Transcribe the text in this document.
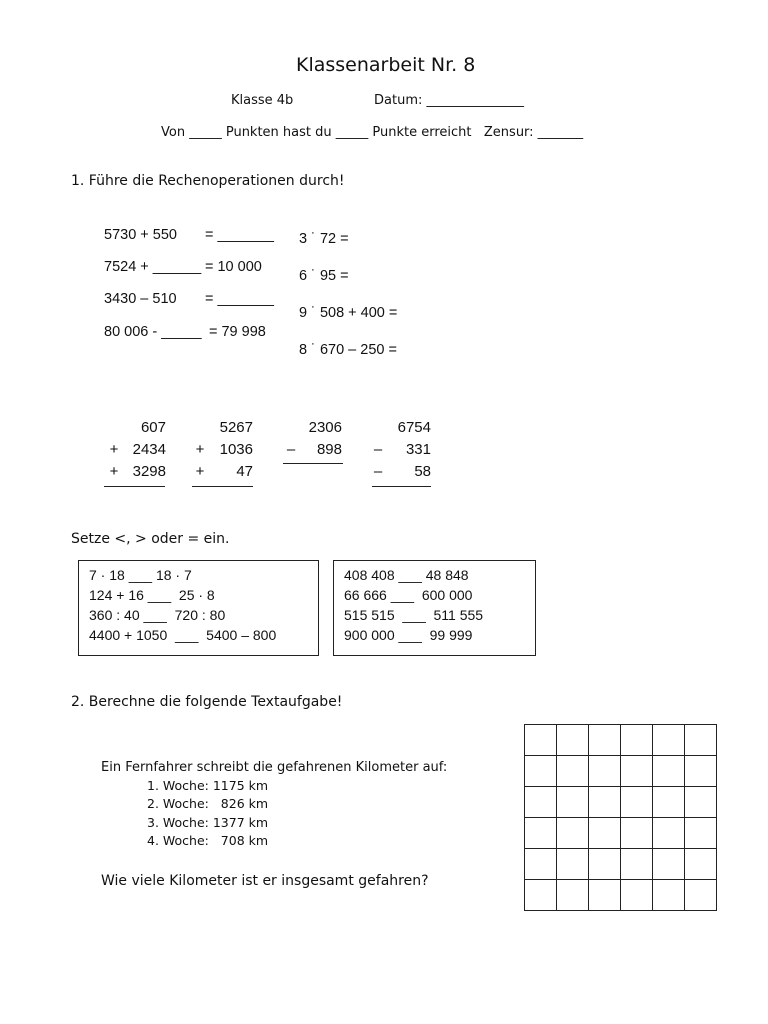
Klassenarbeit Nr. 8
Klasse 4b	Datum: _______________
Von _____ Punkten hast du _____ Punkte erreicht   Zensur: _______
1. Führe die Rechenoperationen durch!
5730 + 550 = _______
7524 + ______ = 10 000
3430 – 510 = _______
80 006 - _____ = 79 998
3 ˙ 72 =
6 ˙ 95 =
9 ˙ 508 + 400 =
8 ˙ 670 – 250 =
607
+ 2434
+ 3298
5267
+	1036
+	47
2306
–	898
6754
–	331
–	58
Setze <, > oder = ein.
7 · 18 ___ 18 · 7
124 + 16 ___  25 · 8
360 : 40 ___  720 : 80
4400 + 1050  ___  5400 – 800
408 408 ___ 48 848
66 666 ___  600 000
515 515  ___  511 555
900 000 ___  99 999
2. Berechne die folgende Textaufgabe!
Ein Fernfahrer schreibt die gefahrenen Kilometer auf:
1. Woche: 1175 km
2. Woche:   826 km
3. Woche: 1377 km
4. Woche:   708 km
Wie viele Kilometer ist er insgesamt gefahren?
